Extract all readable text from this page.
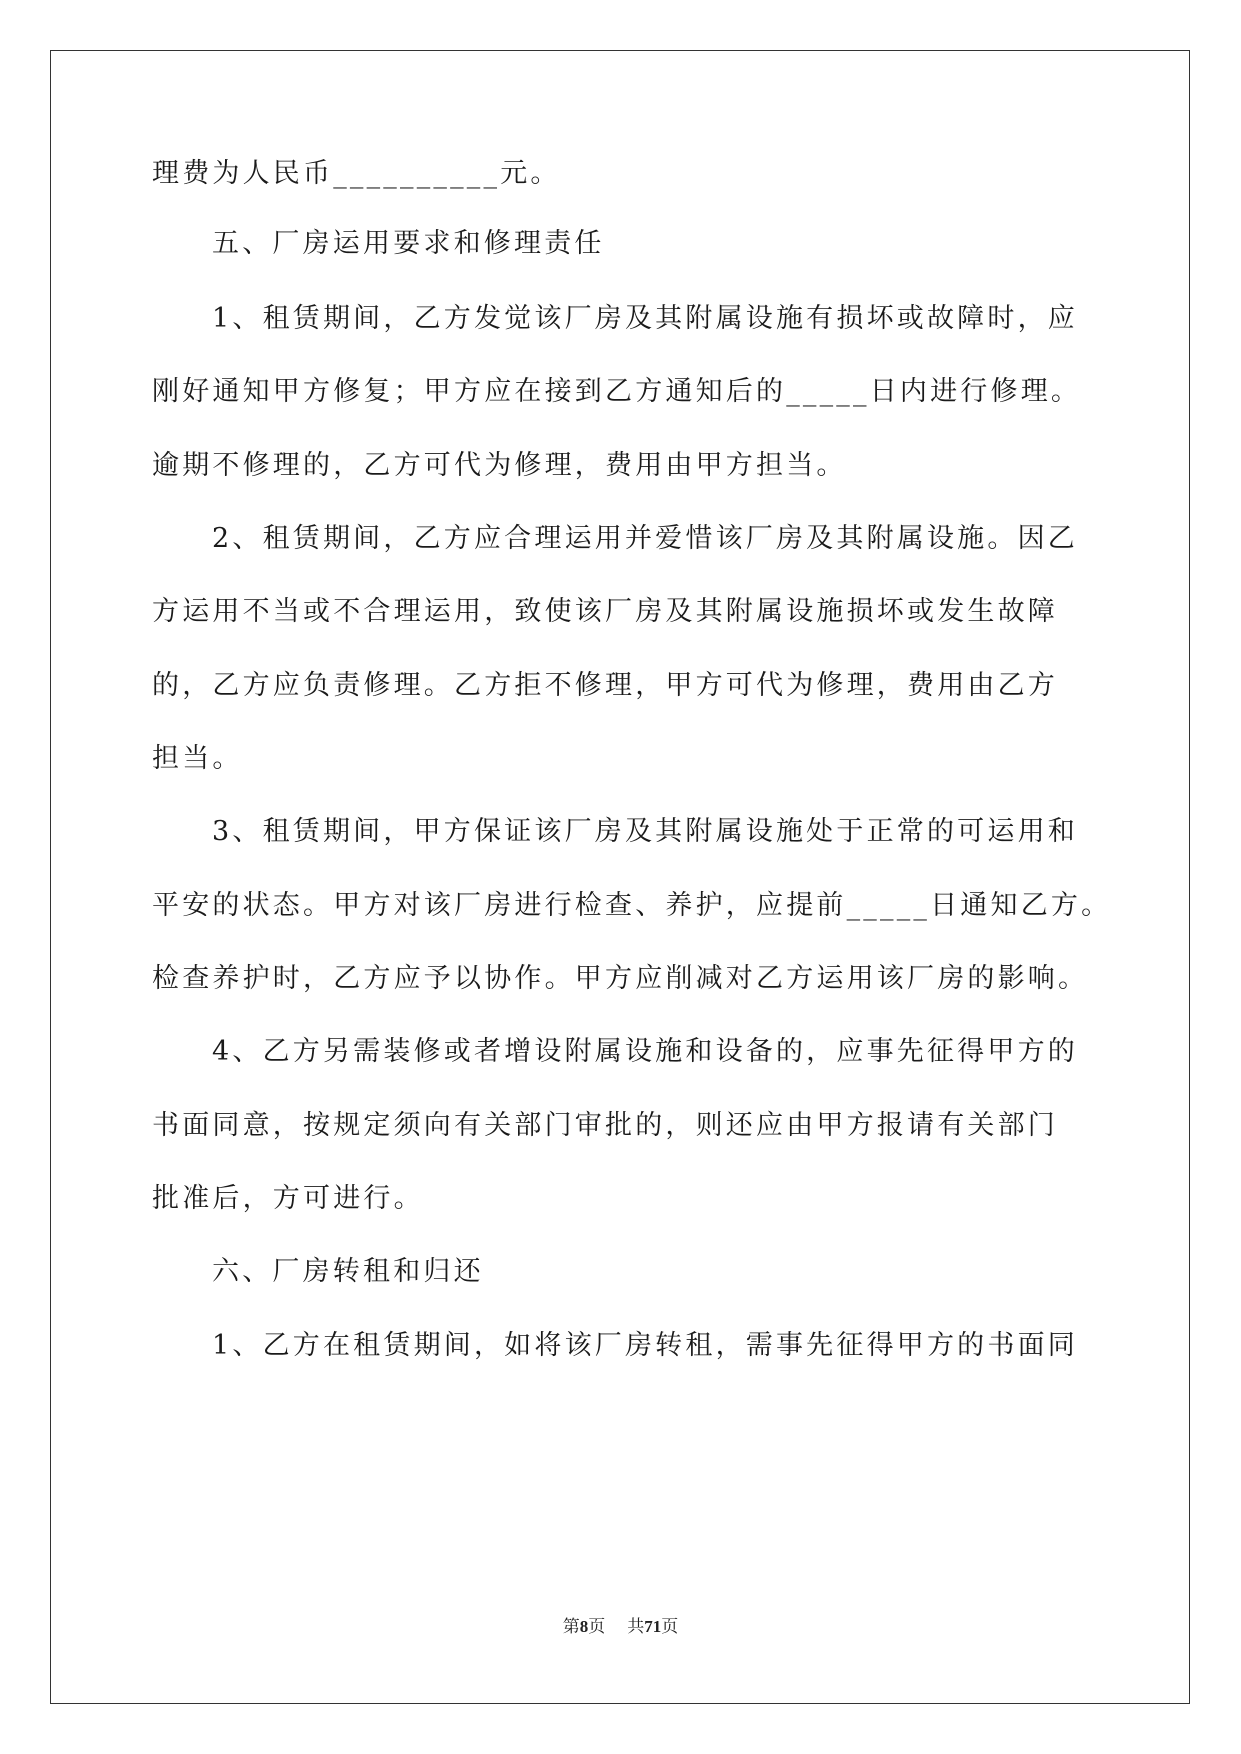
理费为人民币__________元。
五、厂房运用要求和修理责任
1、租赁期间，乙方发觉该厂房及其附属设施有损坏或故障时，应
刚好通知甲方修复；甲方应在接到乙方通知后的_____日内进行修理。
逾期不修理的，乙方可代为修理，费用由甲方担当。
2、租赁期间，乙方应合理运用并爱惜该厂房及其附属设施。因乙
方运用不当或不合理运用，致使该厂房及其附属设施损坏或发生故障
的，乙方应负责修理。乙方拒不修理，甲方可代为修理，费用由乙方
担当。
3、租赁期间，甲方保证该厂房及其附属设施处于正常的可运用和
平安的状态。甲方对该厂房进行检查、养护，应提前_____日通知乙方。
检查养护时，乙方应予以协作。甲方应削减对乙方运用该厂房的影响。
4、乙方另需装修或者增设附属设施和设备的，应事先征得甲方的
书面同意，按规定须向有关部门审批的，则还应由甲方报请有关部门
批准后，方可进行。
六、厂房转租和归还
1、乙方在租赁期间，如将该厂房转租，需事先征得甲方的书面同
第8页 共71页
